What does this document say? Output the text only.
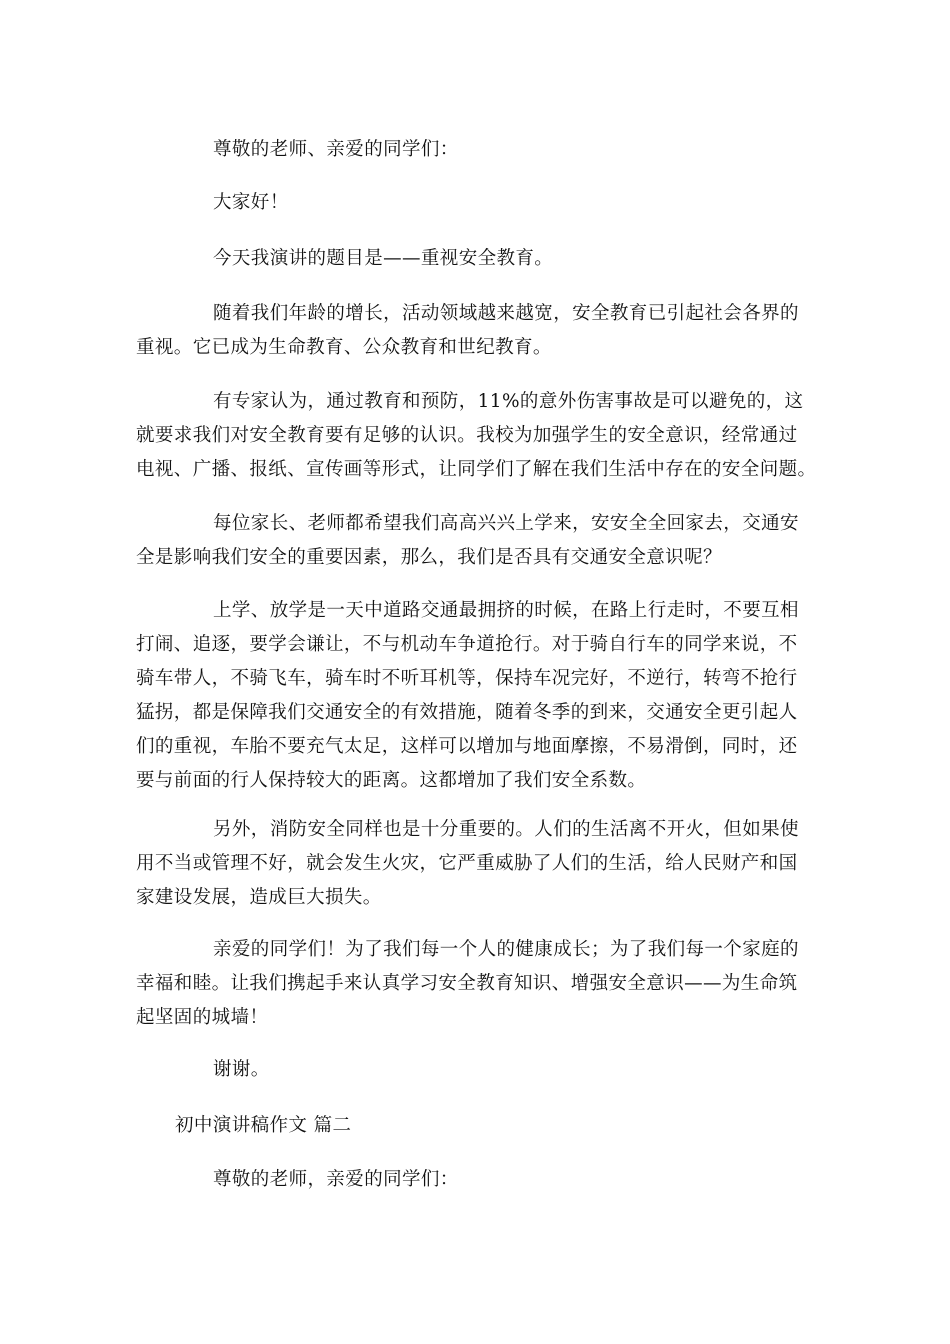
尊敬的老师、亲爱的同学们：

大家好！

今天我演讲的题目是——重视安全教育。

随着我们年龄的增长，活动领域越来越宽，安全教育已引起社会各界的
重视。它已成为生命教育、公众教育和世纪教育。

有专家认为，通过教育和预防，11%的意外伤害事故是可以避免的，这
就要求我们对安全教育要有足够的认识。我校为加强学生的安全意识，经常通过
电视、广播、报纸、宣传画等形式，让同学们了解在我们生活中存在的安全问题。

每位家长、老师都希望我们高高兴兴上学来，安安全全回家去，交通安
全是影响我们安全的重要因素，那么，我们是否具有交通安全意识呢？

上学、放学是一天中道路交通最拥挤的时候，在路上行走时，不要互相
打闹、追逐，要学会谦让，不与机动车争道抢行。对于骑自行车的同学来说，不
骑车带人，不骑飞车，骑车时不听耳机等，保持车况完好，不逆行，转弯不抢行
猛拐，都是保障我们交通安全的有效措施，随着冬季的到来，交通安全更引起人
们的重视，车胎不要充气太足，这样可以增加与地面摩擦，不易滑倒，同时，还
要与前面的行人保持较大的距离。这都增加了我们安全系数。

另外，消防安全同样也是十分重要的。人们的生活离不开火，但如果使
用不当或管理不好，就会发生火灾，它严重威胁了人们的生活，给人民财产和国
家建设发展，造成巨大损失。

亲爱的同学们！为了我们每一个人的健康成长；为了我们每一个家庭的
幸福和睦。让我们携起手来认真学习安全教育知识、增强安全意识——为生命筑
起坚固的城墙！

谢谢。

初中演讲稿作文 篇二

尊敬的老师，亲爱的同学们：
